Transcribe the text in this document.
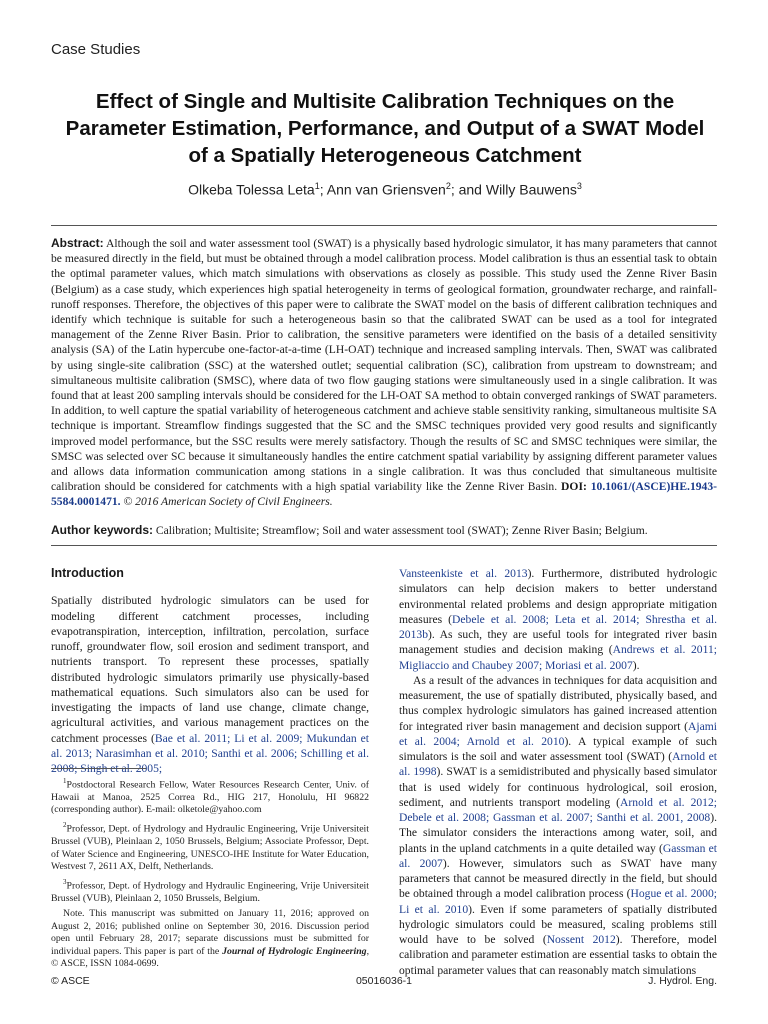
Case Studies
Effect of Single and Multisite Calibration Techniques on the Parameter Estimation, Performance, and Output of a SWAT Model of a Spatially Heterogeneous Catchment
Olkeba Tolessa Leta$^1$; Ann van Griensven$^2$; and Willy Bauwens$^3$
Abstract: Although the soil and water assessment tool (SWAT) is a physically based hydrologic simulator, it has many parameters that cannot be measured directly in the field, but must be obtained through a model calibration process. Model calibration is thus an essential task to obtain the optimal parameter values, which match simulations with observations as closely as possible. This study used the Zenne River Basin (Belgium) as a case study, which experiences high spatial heterogeneity in terms of geological formation, groundwater recharge, and rainfall-runoff responses. Therefore, the objectives of this paper were to calibrate the SWAT model on the basis of different calibration techniques and identify which technique is suitable for such a heterogeneous basin so that the calibrated SWAT can be used as a tool for integrated management of the Zenne River Basin. Prior to calibration, the sensitive parameters were identified on the basis of a detailed sensitivity analysis (SA) of the Latin hypercube one-factor-at-a-time (LH-OAT) technique and increased sampling intervals. Then, SWAT was calibrated by using single-site calibration (SSC) at the watershed outlet; sequential calibration (SC), calibration from upstream to downstream; and simultaneous multisite calibration (SMSC), where data of two flow gauging stations were simultaneously used in a single calibration. It was found that at least 200 sampling intervals should be considered for the LH-OAT SA method to obtain converged rankings of SWAT parameters. In addition, to well capture the spatial variability of heterogeneous catchment and achieve stable sensitivity ranking, simultaneous multisite SA technique is important. Streamflow findings suggested that the SC and the SMSC techniques provided very good results and significantly improved model performance, but the SSC results were merely satisfactory. Though the results of SC and SMSC techniques were similar, the SMSC was selected over SC because it simultaneously handles the entire catchment spatial variability by assigning different parameter values and allows data information communication among stations in a single calibration. It was thus concluded that simultaneous multisite calibration should be considered for catchments with a high spatial variability like the Zenne River Basin. DOI: 10.1061/(ASCE)HE.1943-5584.0001471. © 2016 American Society of Civil Engineers.
Author keywords: Calibration; Multisite; Streamflow; Soil and water assessment tool (SWAT); Zenne River Basin; Belgium.
Introduction

Spatially distributed hydrologic simulators can be used for modeling different catchment processes, including evapotranspiration, interception, infiltration, percolation, surface runoff, groundwater flow, soil erosion and sediment transport, and nutrients transport. To represent these processes, spatially distributed hydrologic simulators primarily use physically-based mathematical equations. Such simulators also can be used for investigating the impacts of land use change, climate change, agricultural activities, and various management practices on the catchment processes (Bae et al. 2011; Li et al. 2009; Mukundan et al. 2013; Narasimhan et al. 2010; Santhi et al. 2006; Schilling et al. 2008; Singh et al. 2005;

$^1$Postdoctoral Research Fellow, Water Resources Research Center, Univ. of Hawaii at Manoa, 2525 Correa Rd., HIG 217, Honolulu, HI 96822 (corresponding author). E-mail: olketole@yahoo.com

$^2$Professor, Dept. of Hydrology and Hydraulic Engineering, Vrije Universiteit Brussel (VUB), Pleinlaan 2, 1050 Brussels, Belgium; Associate Professor, Dept. of Water Science and Engineering, UNESCO-IHE Institute for Water Education, Westvest 7, 2611 AX, Delft, Netherlands.

$^3$Professor, Dept. of Hydrology and Hydraulic Engineering, Vrije Universiteit Brussel (VUB), Pleinlaan 2, 1050 Brussels, Belgium.

Note. This manuscript was submitted on January 11, 2016; approved on August 2, 2016; published online on September 30, 2016. Discussion period open until February 28, 2017; separate discussions must be submitted for individual papers. This paper is part of the Journal of Hydrologic Engineering, © ASCE, ISSN 1084-0699.

Vansteenkiste et al. 2013). Furthermore, distributed hydrologic simulators can help decision makers to better understand environmental related problems and design appropriate mitigation measures (Debele et al. 2008; Leta et al. 2014; Shrestha et al. 2013b). As such, they are useful tools for integrated river basin management studies and decision making (Andrews et al. 2011; Migliaccio and Chaubey 2007; Moriasi et al. 2007).

As a result of the advances in techniques for data acquisition and measurement, the use of spatially distributed, physically based, and thus complex hydrologic simulators has gained increased attention for integrated river basin management and decision support (Ajami et al. 2004; Arnold et al. 2010). A typical example of such simulators is the soil and water assessment tool (SWAT) (Arnold et al. 1998). SWAT is a semidistributed and physically based simulator that is used widely for continuous hydrological, soil erosion, sediment, and nutrients transport modeling (Arnold et al. 2012; Debele et al. 2008; Gassman et al. 2007; Santhi et al. 2001, 2008). The simulator considers the interactions among water, soil, and plants in the upland catchments in a quite detailed way (Gassman et al. 2007). However, simulators such as SWAT have many parameters that cannot be measured directly in the field, but should be obtained through a model calibration process (Hogue et al. 2000; Li et al. 2010). Even if some parameters of spatially distributed hydrologic simulators could be measured, scaling problems still would have to be solved (Nossent 2012). Therefore, model calibration and parameter estimation are essential tasks to obtain the optimal parameter values that can reasonably match simulations

© ASCE	05016036-1	J. Hydrol. Eng.
